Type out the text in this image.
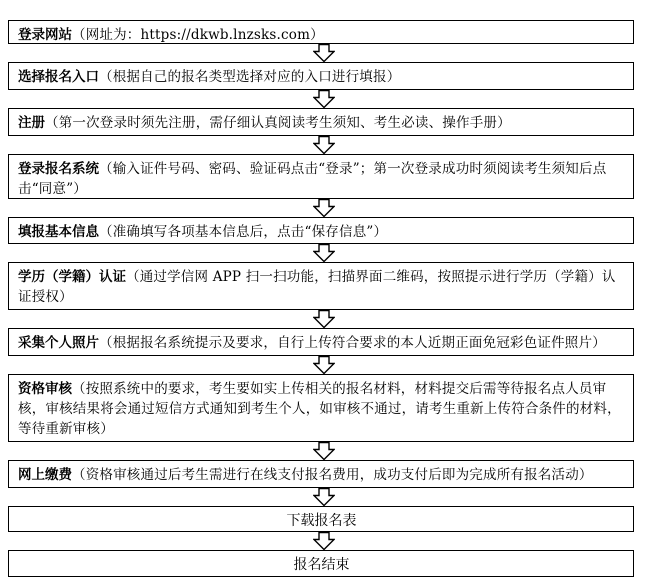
登录网站（网址为：https://dkwb.lnzsks.com）
选择报名入口（根据自己的报名类型选择对应的入口进行填报）
注册（第一次登录时须先注册，需仔细认真阅读考生须知、考生必读、操作手册）
登录报名系统（输入证件号码、密码、验证码点击“登录”；第一次登录成功时须阅读考生须知后点击“同意”）
填报基本信息（准确填写各项基本信息后，点击“保存信息”）
学历（学籍）认证（通过学信网 APP 扫一扫功能，扫描界面二维码，按照提示进行学历（学籍）认证授权）
采集个人照片（根据报名系统提示及要求，自行上传符合要求的本人近期正面免冠彩色证件照片）
资格审核（按照系统中的要求，考生要如实上传相关的报名材料，材料提交后需等待报名点人员审核，审核结果将会通过短信方式通知到考生个人，如审核不通过，请考生重新上传符合条件的材料，等待重新审核）
网上缴费（资格审核通过后考生需进行在线支付报名费用，成功支付后即为完成所有报名活动）
下载报名表
报名结束
